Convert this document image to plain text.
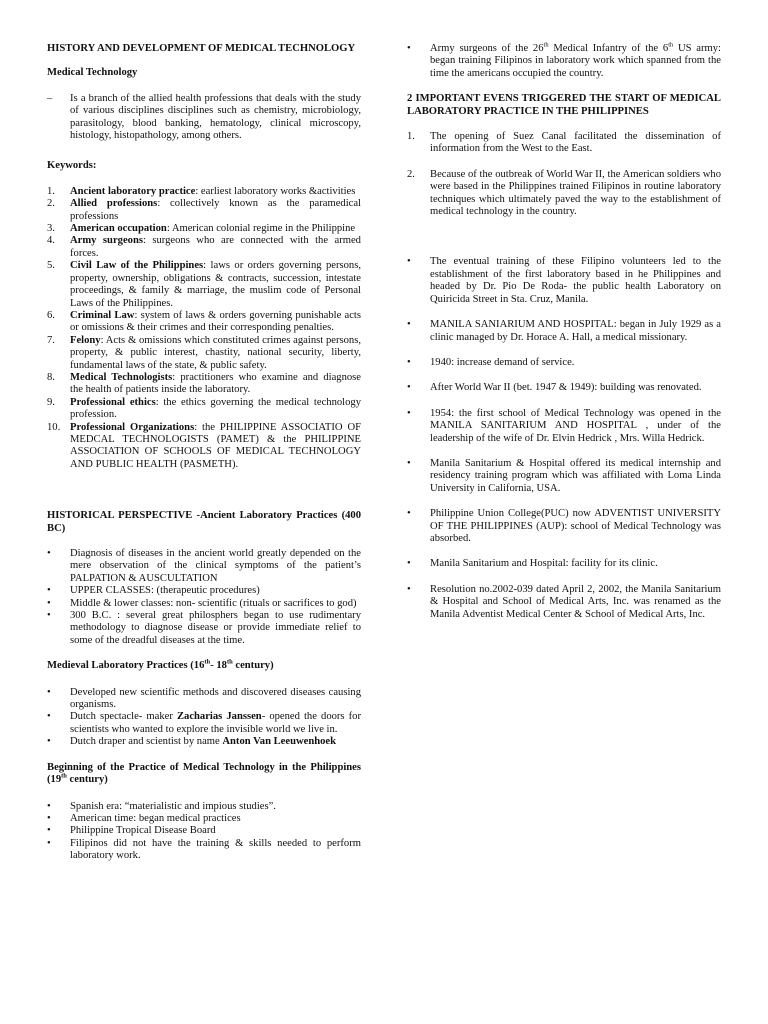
HISTORY AND DEVELOPMENT OF MEDICAL TECHNOLOGY

Medical Technology

– Is a branch of the allied health professions that deals with the study of various disciplines disciplines such as chemistry, microbiology, parasitology, blood banking, hematology, clinical microscopy, histology, histopathology, among others.

Keywords:

1. Ancient laboratory practice: earliest laboratory works &activities
2. Allied professions: collectively known as the paramedical professions
3. American occupation: American colonial regime in the Philippine
4. Army surgeons: surgeons who are connected with the armed forces.
5. Civil Law of the Philippines: laws or orders governing persons, property, ownership, obligations & contracts, succession, intestate proceedings, & family & marriage, the muslim code of Personal Laws of the Philippines.
6. Criminal Law: system of laws & orders governing punishable acts or omissions & their crimes and their corresponding penalties.
7. Felony: Acts & omissions which constituted crimes against persons, property, & public interest, chastity, national security, liberty, fundamental laws of the state, & public safety.
8. Medical Technologists: practitioners who examine and diagnose the health of patients inside the laboratory.
9. Professional ethics: the ethics governing the medical technology profession.
10. Professional Organizations: the PHILIPPINE ASSOCIATIO OF MEDCAL TECHNOLOGISTS (PAMET) & the PHILIPPINE ASSOCIATION OF SCHOOLS OF MEDICAL TECHNOLOGY AND PUBLIC HEALTH (PASMETH).
HISTORICAL PERSPECTIVE -Ancient Laboratory Practices (400 BC)
• Diagnosis of diseases in the ancient world greatly depended on the mere observation of the clinical symptoms of the patient’s PALPATION & AUSCULTATION
• UPPER CLASSES: (therapeutic procedures)
• Middle & lower classes: non- scientific (rituals or sacrifices to god)
• 300 B.C. : several great philosphers began to use rudimentary methodology to diagnose disease or provide immediate relief to some of the dreadful diseases at the time.

Medieval Laboratory Practices (16th- 18th century)

• Developed new scientific methods and discovered diseases causing organisms.
• Dutch spectacle- maker Zacharias Janssen- opened the doors for scientists who wanted to explore the invisible world we live in.
• Dutch draper and scientist by name Anton Van Leeuwenhoek
Beginning of the Practice of Medical Technology in the Philippines (19th century)
• Spanish era: “materialistic and impious studies”.
• American time: began medical practices
• Philippine Tropical Disease Board
• Filipinos did not have the training & skills needed to perform laboratory work.
• Army surgeons of the 26th Medical Infantry of the 6th US army: began training Filipinos in laboratory work which spanned from the time the americans occupied the country.
2 IMPORTANT EVENS TRIGGERED THE START OF MEDICAL LABORATORY PRACTICE IN THE PHILIPPINES
1. The opening of Suez Canal facilitated the dissemination of information from the West to the East.
2. Because of the outbreak of World War II, the American soldiers who were based in the Philippines trained Filipinos in routine laboratory techniques which ultimately paved the way to the establishment of medical technology in the country.
• The eventual training of these Filipino volunteers led to the establishment of the first laboratory based in he Philippines and headed by Dr. Pio De Roda- the public health Laboratory on Quiricida Street in Sta. Cruz, Manila.
• MANILA SANIARIUM AND HOSPITAL: began in July 1929 as a clinic managed by Dr. Horace A. Hall, a medical missionary.
• 1940: increase demand of service.
• After World War II (bet. 1947 & 1949): building was renovated.
• 1954: the first school of Medical Technology was opened in the MANILA SANITARIUM AND HOSPITAL , under of the leadership of the wife of Dr. Elvin Hedrick , Mrs. Willa Hedrick.
• Manila Sanitarium & Hospital offered its medical internship and residency training program which was affiliated with Loma Linda University in California, USA.
• Philippine Union College(PUC) now ADVENTIST UNIVERSITY OF THE PHILIPPINES (AUP): school of Medical Technology was absorbed.
• Manila Sanitarium and Hospital: facility for its clinic.
• Resolution no.2002-039 dated April 2, 2002, the Manila Sanitarium & Hospital and School of Medical Arts, Inc. was renamed as the Manila Adventist Medical Center & School of Medical Arts, Inc.
